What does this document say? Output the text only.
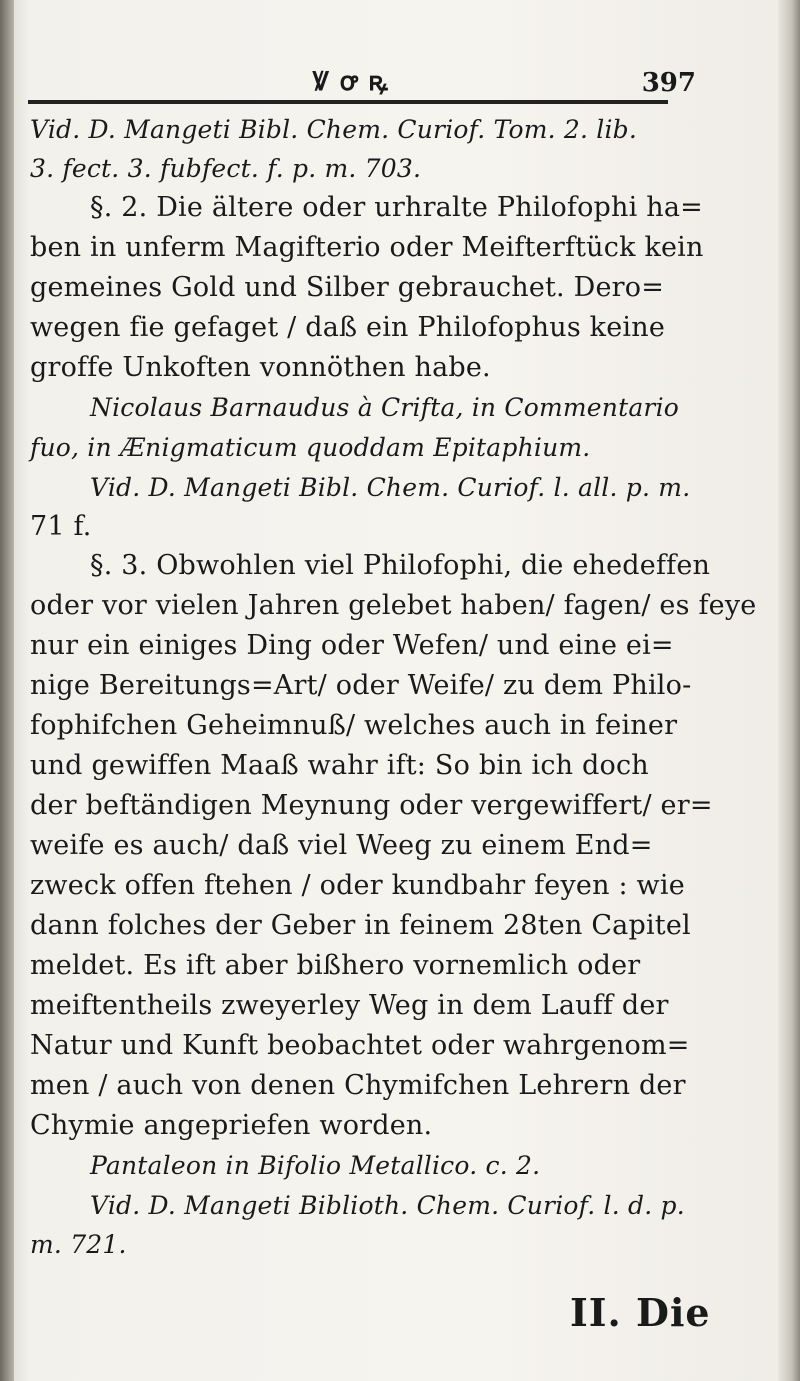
Ꝟ ꝍ ꝶ	397
Vid. D. Mangeti Bibl. Chem. Curiof. Tom. 2. lib.
3. fect. 3. fubfect. f. p. m. 703.
§. 2. Die ältere oder urhralte Philofophi ha=
ben in unferm Magifterio oder Meifterftück kein
gemeines Gold und Silber gebrauchet. Dero=
wegen fie gefaget / daß ein Philofophus keine
groffe Unkoften vonnöthen habe.
Nicolaus Barnaudus à Crifta, in Commentario
fuo, in Ænigmaticum quoddam Epitaphium.
Vid. D. Mangeti Bibl. Chem. Curiof. l. all. p. m.
71 f.
§. 3. Obwohlen viel Philofophi, die ehedeffen
oder vor vielen Jahren gelebet haben/ fagen/ es feye
nur ein einiges Ding oder Wefen/ und eine ei=
nige Bereitungs=Art/ oder Weife/ zu dem Philo-
fophifchen Geheimnuß/ welches auch in feiner
und gewiffen Maaß wahr ift: So bin ich doch
der beftändigen Meynung oder vergewiffert/ er=
weife es auch/ daß viel Weeg zu einem End=
zweck offen ftehen / oder kundbahr feyen : wie
dann folches der Geber in feinem 28ten Capitel
meldet. Es ift aber bißhero vornemlich oder
meiftentheils zweyerley Weg in dem Lauff der
Natur und Kunft beobachtet oder wahrgenom=
men / auch von denen Chymifchen Lehrern der
Chymie angepriefen worden.
Pantaleon in Bifolio Metallico. c. 2.
Vid. D. Mangeti Biblioth. Chem. Curiof. l. d. p.
m. 721.
II. Die
